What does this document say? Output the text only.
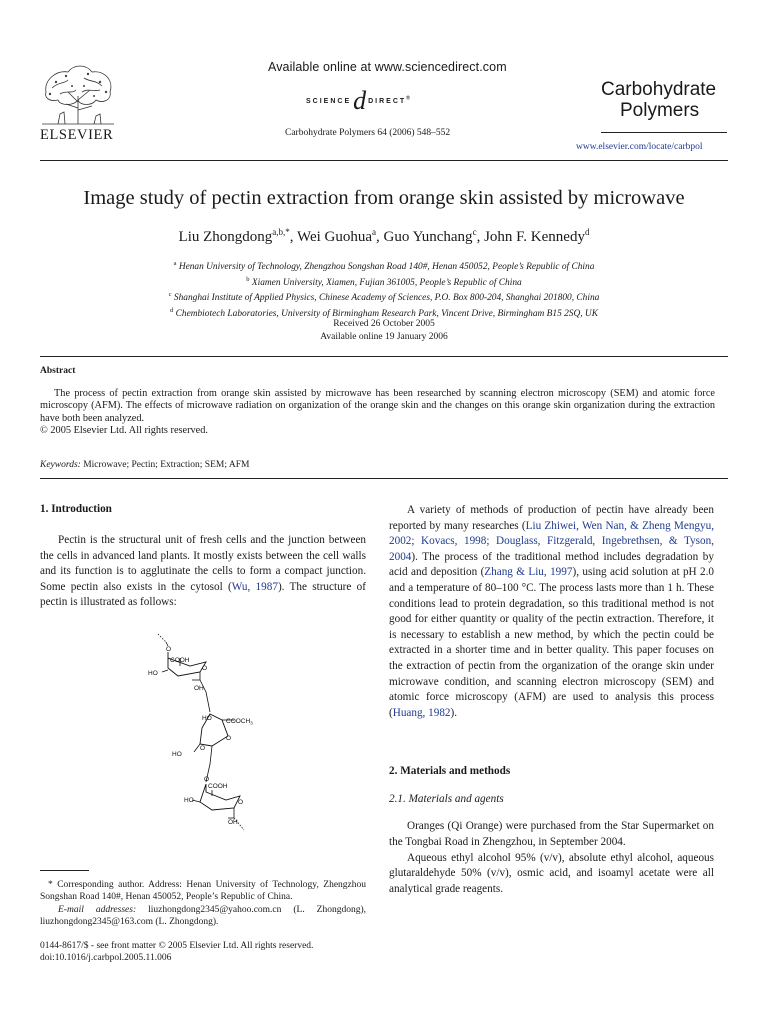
ELSEVIER
Available online at www.sciencedirect.com
SCIENCEd DIRECT®
Carbohydrate Polymers 64 (2006) 548–552
Carbohydrate
Polymers
www.elsevier.com/locate/carbpol
Image study of pectin extraction from orange skin assisted by microwave
Liu Zhongdong$^{a,b,*}$, Wei Guohua$^a$, Guo Yunchang$^c$, John F. Kennedy$^d$
$^a$ Henan University of Technology, Zhengzhou Songshan Road 140#, Henan 450052, People’s Republic of China
$^b$ Xiamen University, Xiamen, Fujian 361005, People’s Republic of China
$^c$ Shanghai Institute of Applied Physics, Chinese Academy of Sciences, P.O. Box 800-204, Shanghai 201800, China
$^d$ Chembiotech Laboratories, University of Birmingham Research Park, Vincent Drive, Birmingham B15 2SQ, UK
Received 26 October 2005
Available online 19 January 2006
Abstract

The process of pectin extraction from orange skin assisted by microwave has been researched by scanning electron microscopy (SEM) and atomic force microscopy (AFM). The effects of microwave radiation on organization of the orange skin and the changes on this orange skin organization during the extraction have both been analyzed.

© 2005 Elsevier Ltd. All rights reserved.

Keywords: Microwave; Pectin; Extraction; SEM; AFM

1. Introduction

Pectin is the structural unit of fresh cells and the junction between the cells in advanced land plants. It mostly exists between the cell walls and its function is to agglutinate the cells to form a compact junction. Some pectin also exists in the cytosol (Wu, 1987). The structure of pectin is illustrated as follows:

O
COOH
HO
O
OH
HO $COOCH_3$
O
HO
O
O
COOH
HO	O
OH
* Corresponding author. Address: Henan University of Technology, Zhengzhou Songshan Road 140#, Henan 450052, People’s Republic of China.
E-mail addresses: liuzhongdong2345@yahoo.com.cn (L. Zhongdong), liuzhongdong2345@163.com (L. Zhongdong).
0144-8617/$ - see front matter © 2005 Elsevier Ltd. All rights reserved.
doi:10.1016/j.carbpol.2005.11.006

A variety of methods of production of pectin have already been reported by many researches (Liu Zhiwei, Wen Nan, & Zheng Mengyu, 2002; Kovacs, 1998; Douglass, Fitzgerald, Ingebrethsen, & Tyson, 2004). The process of the traditional method includes degradation by acid and deposition (Zhang & Liu, 1997), using acid solution at pH 2.0 and a temperature of 80–100 °C. The process lasts more than 1 h. These conditions lead to protein degradation, so this traditional method is not good for either quantity or quality of the pectin extraction. Therefore, it is necessary to establish a new method, by which the pectin could be extracted in a shorter time and in better quality. This paper focuses on the extraction of pectin from the organization of the orange skin under microwave condition, and scanning electron microscopy (SEM) and atomic force microscopy (AFM) are used to analysis this process (Huang, 1982).

2. Materials and methods

2.1. Materials and agents

Oranges (Qi Orange) were purchased from the Star Supermarket on the Tongbai Road in Zhengzhou, in September 2004.

Aqueous ethyl alcohol 95% (v/v), absolute ethyl alcohol, aqueous glutaraldehyde 50% (v/v), osmic acid, and isoamyl acetate were all analytical grade reagents.
